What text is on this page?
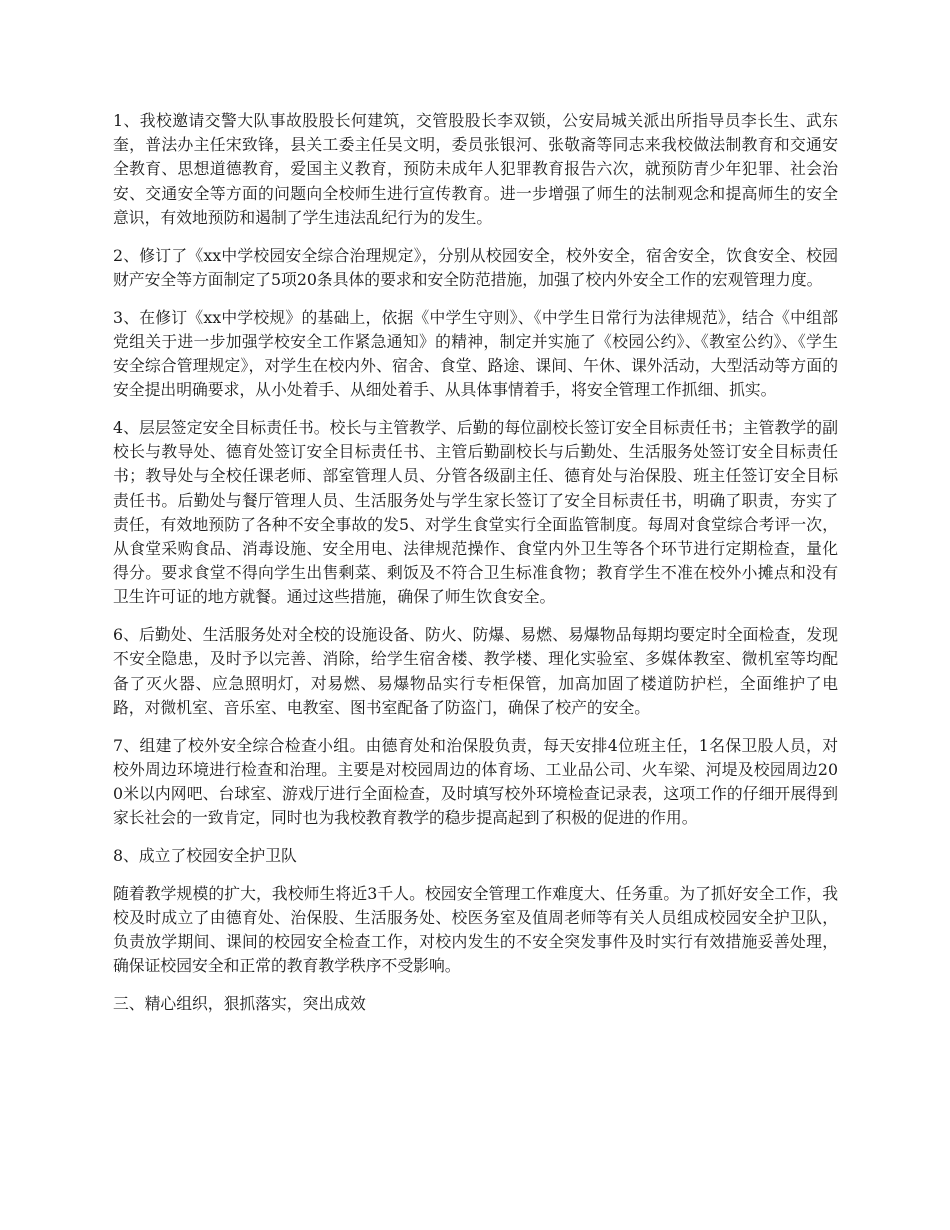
1、我校邀请交警大队事故股股长何建筑，交管股股长李双锁，公安局城关派出所指导员李长生、武东奎，普法办主任宋致锋，县关工委主任吴文明，委员张银河、张敬斋等同志来我校做法制教育和交通安全教育、思想道德教育，爱国主义教育，预防未成年人犯罪教育报告六次，就预防青少年犯罪、社会治安、交通安全等方面的问题向全校师生进行宣传教育。进一步增强了师生的法制观念和提高师生的安全意识，有效地预防和遏制了学生违法乱纪行为的发生。

2、修订了《xx中学校园安全综合治理规定》，分别从校园安全，校外安全，宿舍安全，饮食安全、校园财产安全等方面制定了5项20条具体的要求和安全防范措施，加强了校内外安全工作的宏观管理力度。

3、在修订《xx中学校规》的基础上，依据《中学生守则》、《中学生日常行为法律规范》，结合《中组部党组关于进一步加强学校安全工作紧急通知》的精神，制定并实施了《校园公约》、《教室公约》、《学生安全综合管理规定》，对学生在校内外、宿舍、食堂、路途、课间、午休、课外活动，大型活动等方面的安全提出明确要求，从小处着手、从细处着手、从具体事情着手，将安全管理工作抓细、抓实。

4、层层签定安全目标责任书。校长与主管教学、后勤的每位副校长签订安全目标责任书；主管教学的副校长与教导处、德育处签订安全目标责任书、主管后勤副校长与后勤处、生活服务处签订安全目标责任书；教导处与全校任课老师、部室管理人员、分管各级副主任、德育处与治保股、班主任签订安全目标责任书。后勤处与餐厅管理人员、生活服务处与学生家长签订了安全目标责任书，明确了职责，夯实了责任，有效地预防了各种不安全事故的发5、对学生食堂实行全面监管制度。每周对食堂综合考评一次，从食堂采购食品、消毒设施、安全用电、法律规范操作、食堂内外卫生等各个环节进行定期检查，量化得分。要求食堂不得向学生出售剩菜、剩饭及不符合卫生标准食物；教育学生不准在校外小摊点和没有卫生许可证的地方就餐。通过这些措施，确保了师生饮食安全。

6、后勤处、生活服务处对全校的设施设备、防火、防爆、易燃、易爆物品每期均要定时全面检查，发现不安全隐患，及时予以完善、消除，给学生宿舍楼、教学楼、理化实验室、多媒体教室、微机室等均配备了灭火器、应急照明灯，对易燃、易爆物品实行专柜保管，加高加固了楼道防护栏，全面维护了电路，对微机室、音乐室、电教室、图书室配备了防盗门，确保了校产的安全。

7、组建了校外安全综合检查小组。由德育处和治保股负责，每天安排4位班主任，1名保卫股人员，对校外周边环境进行检查和治理。主要是对校园周边的体育场、工业品公司、火车梁、河堤及校园周边200米以内网吧、台球室、游戏厅进行全面检查，及时填写校外环境检查记录表，这项工作的仔细开展得到家长社会的一致肯定，同时也为我校教育教学的稳步提高起到了积极的促进的作用。

8、成立了校园安全护卫队

随着教学规模的扩大，我校师生将近3千人。校园安全管理工作难度大、任务重。为了抓好安全工作，我校及时成立了由德育处、治保股、生活服务处、校医务室及值周老师等有关人员组成校园安全护卫队，负责放学期间、课间的校园安全检查工作，对校内发生的不安全突发事件及时实行有效措施妥善处理，确保证校园安全和正常的教育教学秩序不受影响。

三、精心组织，狠抓落实，突出成效
